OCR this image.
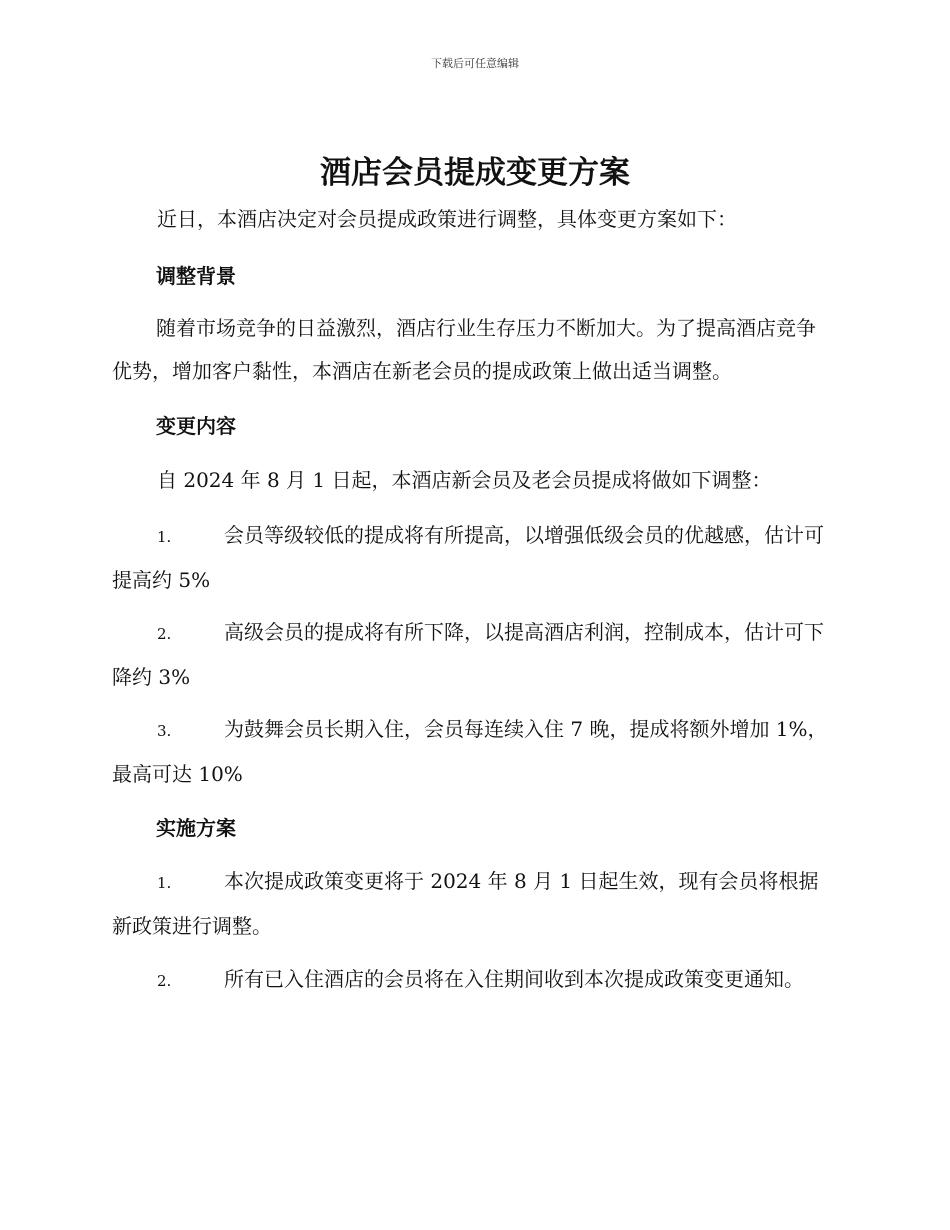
下载后可任意编辑
酒店会员提成变更方案

近日，本酒店决定对会员提成政策进行调整，具体变更方案如下：

调整背景

随着市场竞争的日益激烈，酒店行业生存压力不断加大。为了提高酒店竞争优势，增加客户黏性，本酒店在新老会员的提成政策上做出适当调整。

变更内容

自 2024 年 8 月 1 日起，本酒店新会员及老会员提成将做如下调整：

1.	会员等级较低的提成将有所提高，以增强低级会员的优越感，估计可提高约 5%

2.	高级会员的提成将有所下降，以提高酒店利润，控制成本，估计可下降约 3%

3.	为鼓舞会员长期入住，会员每连续入住 7 晚，提成将额外增加 1%，最高可达 10%

实施方案

1.	本次提成政策变更将于 2024 年 8 月 1 日起生效，现有会员将根据新政策进行调整。

2.	所有已入住酒店的会员将在入住期间收到本次提成政策变更通知。
